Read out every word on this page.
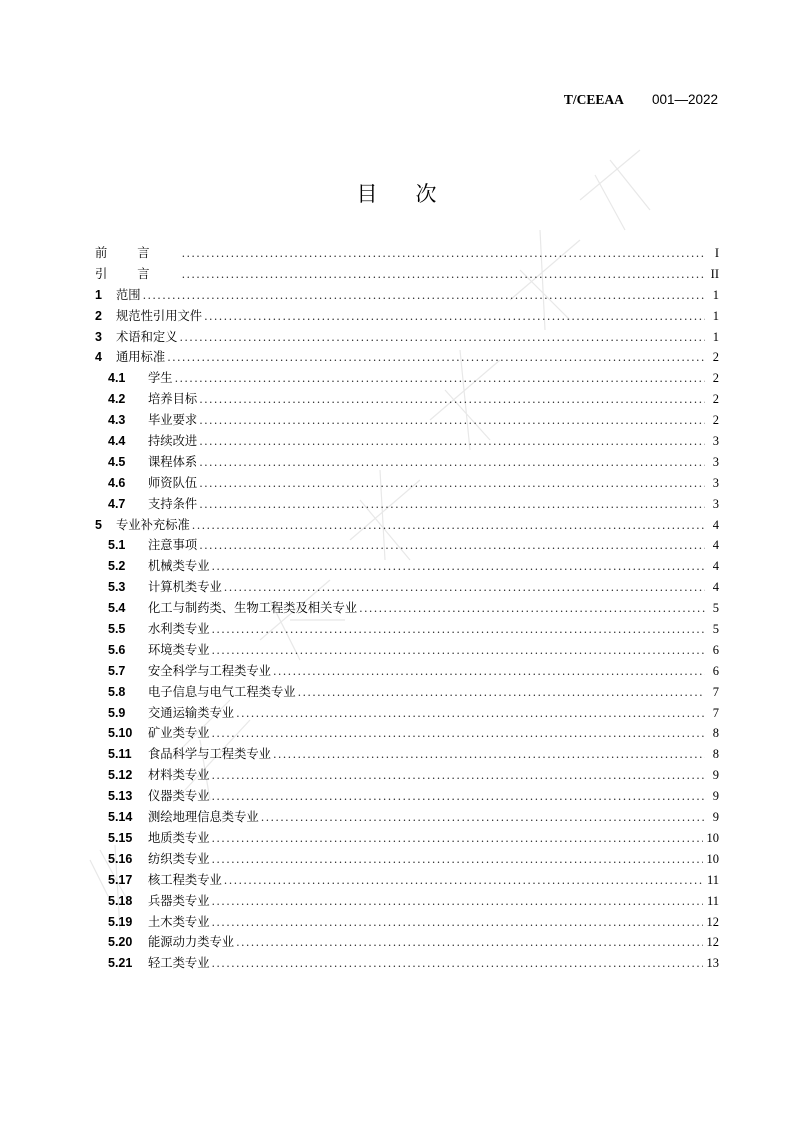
T/CEEAA 001—2022
目次
前言 .....	I
引言 .....	II
1	范围 .....	1
2	规范性引用文件 .....	1
3	术语和定义 .....	1
4	通用标准 .....	2
4.1	学生 .....	2
4.2	培养目标 .....	2
4.3	毕业要求 .....	2
4.4	持续改进 .....	3
4.5	课程体系 .....	3
4.6	师资队伍 .....	3
4.7	支持条件 .....	3
5	专业补充标准 .....	4
5.1	注意事项 .....	4
5.2	机械类专业 .....	4
5.3	计算机类专业 .....	4
5.4	化工与制药类、生物工程类及相关专业 .....	5
5.5	水利类专业 .....	5
5.6	环境类专业 .....	6
5.7	安全科学与工程类专业 .....	6
5.8	电子信息与电气工程类专业 .....	7
5.9	交通运输类专业 .....	7
5.10	矿业类专业 .....	8
5.11	食品科学与工程类专业 .....	8
5.12	材料类专业 .....	9
5.13	仪器类专业 .....	9
5.14	测绘地理信息类专业 .....	9
5.15	地质类专业 .....	10
5.16	纺织类专业 .....	10
5.17	核工程类专业 .....	11
5.18	兵器类专业 .....	11
5.19	土木类专业 .....	12
5.20	能源动力类专业 .....	12
5.21	轻工类专业 .....	13
